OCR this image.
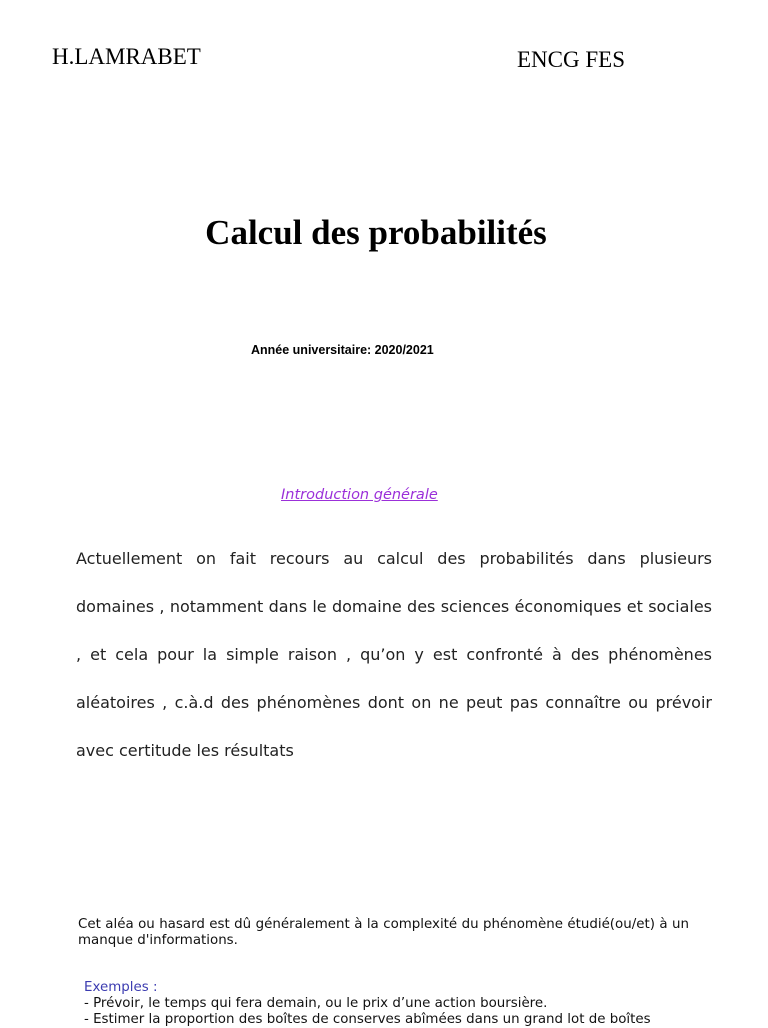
H.LAMRABET	ENCG FES
Calcul des probabilités
Année universitaire: 2020/2021
Introduction générale
Actuellement on fait recours au calcul des probabilités dans plusieurs domaines , notamment dans le domaine des sciences économiques et sociales , et cela pour la simple raison , qu’on y est confronté à des phénomènes aléatoires , c.à.d des phénomènes dont on ne peut pas connaître ou prévoir avec certitude les résultats
Cet aléa ou hasard est dû généralement à la complexité du phénomène étudié(ou/et) à un manque d'informations.
Exemples :
- Prévoir, le temps qui fera demain, ou le prix d’une action boursière.
- Estimer la proportion des boîtes de conserves abîmées dans un grand lot de boîtes
